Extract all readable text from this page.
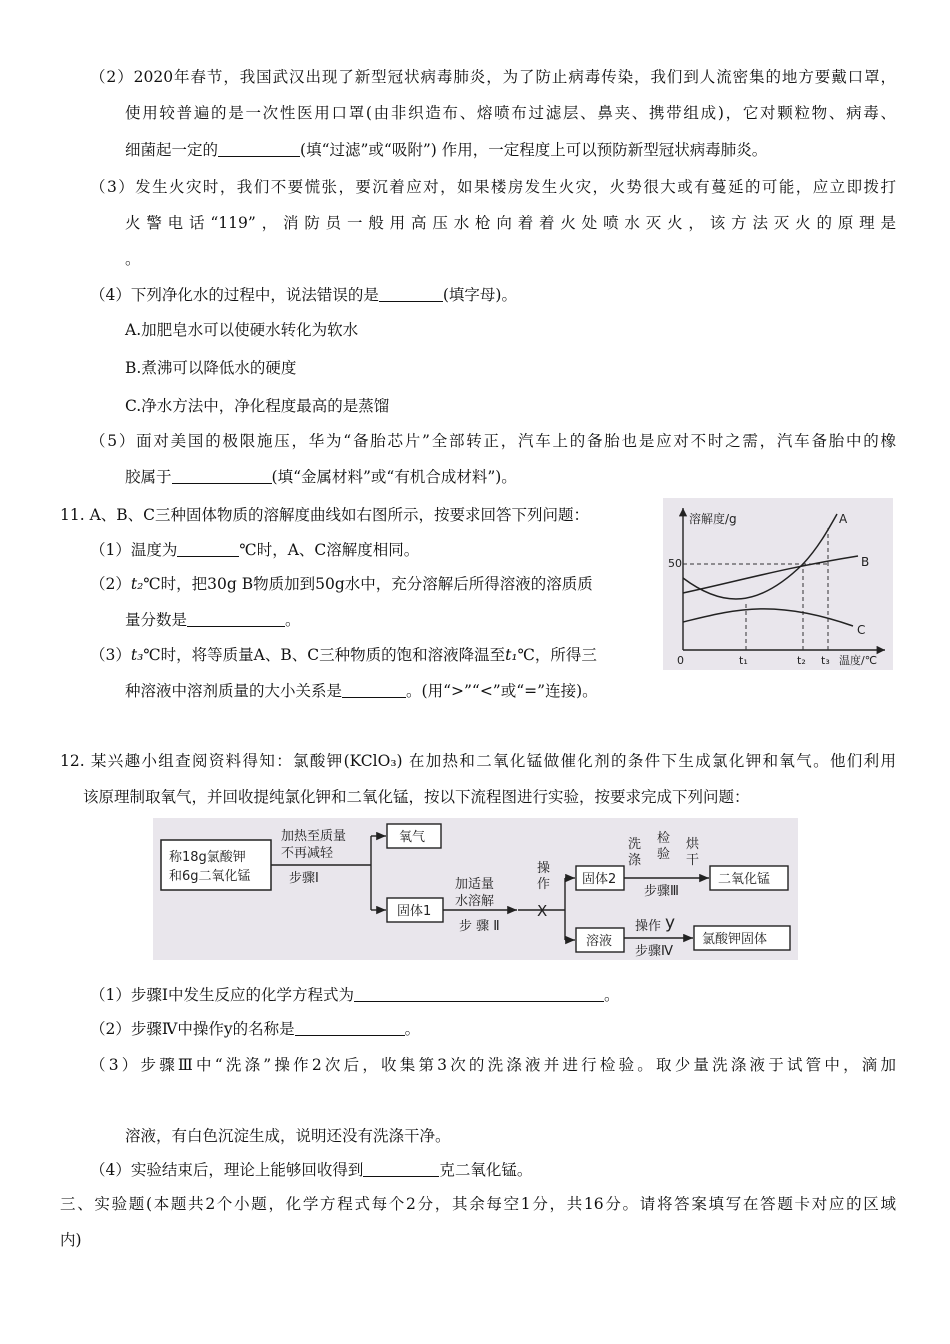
（2）2020年春节，我国武汉出现了新型冠状病毒肺炎，为了防止病毒传染，我们到人流密集的地方要戴口罩，
使用较普遍的是一次性医用口罩(由非织造布、熔喷布过滤层、鼻夹、携带组成)，它对颗粒物、病毒、
细菌起一定的	(填“过滤”或“吸附”) 作用，一定程度上可以预防新型冠状病毒肺炎。
（3）发生火灾时，我们不要慌张，要沉着应对，如果楼房发生火灾，火势很大或有蔓延的可能，应立即拨打
火警电话“119”，消防员一般用高压水枪向着着火处喷水灭火，该方法灭火的原理是
。
（4）下列净化水的过程中，说法错误的是	(填字母)。
A.加肥皂水可以使硬水转化为软水
B.煮沸可以降低水的硬度
C.净水方法中，净化程度最高的是蒸馏
（5）面对美国的极限施压，华为“备胎芯片”全部转正，汽车上的备胎也是应对不时之需，汽车备胎中的橡
胶属于	(填“金属材料”或“有机合成材料”)。
11. A、B、C三种固体物质的溶解度曲线如右图所示，按要求回答下列问题：
（1）温度为	℃时，A、C溶解度相同。
（2）t₂℃时，把30g B物质加到50g水中，充分溶解后所得溶液的溶质质
量分数是	。
（3）t₃℃时，将等质量A、B、C三种物质的饱和溶液降温至t₁℃，所得三
种溶液中溶剂质量的大小关系是	。(用“>”“<”或“=”连接)。
溶解度/g
50
0
A
B
C
t₁	t₂ t₃ 温度/℃
12. 某兴趣小组查阅资料得知：氯酸钾(KClO₃) 在加热和二氧化锰做催化剂的条件下生成氯化钾和氧气。他们利用
该原理制取氧气，并回收提纯氯化钾和二氧化锰，按以下流程图进行实验，按要求完成下列问题：
称18g氯酸钾
和6g二氧化锰
加热至质量
不再减轻
步骤Ⅰ
氧气
固体1
加适量
水溶解
步 骤 Ⅱ
操
作
X
固体2
洗
涤
检
验
烘
干
步骤Ⅲ
二氧化锰
溶液
操作 y
步骤Ⅳ
氯酸钾固体
（1）步骤Ⅰ中发生反应的化学方程式为	。
（2）步骤Ⅳ中操作y的名称是	。
（3）步骤Ⅲ中“洗涤”操作2次后，收集第3次的洗涤液并进行检验。取少量洗涤液于试管中，滴加
溶液，有白色沉淀生成，说明还没有洗涤干净。
（4）实验结束后，理论上能够回收得到	克二氧化锰。
三、实验题(本题共2个小题，化学方程式每个2分，其余每空1分，共16分。请将答案填写在答题卡对应的区域
内)
